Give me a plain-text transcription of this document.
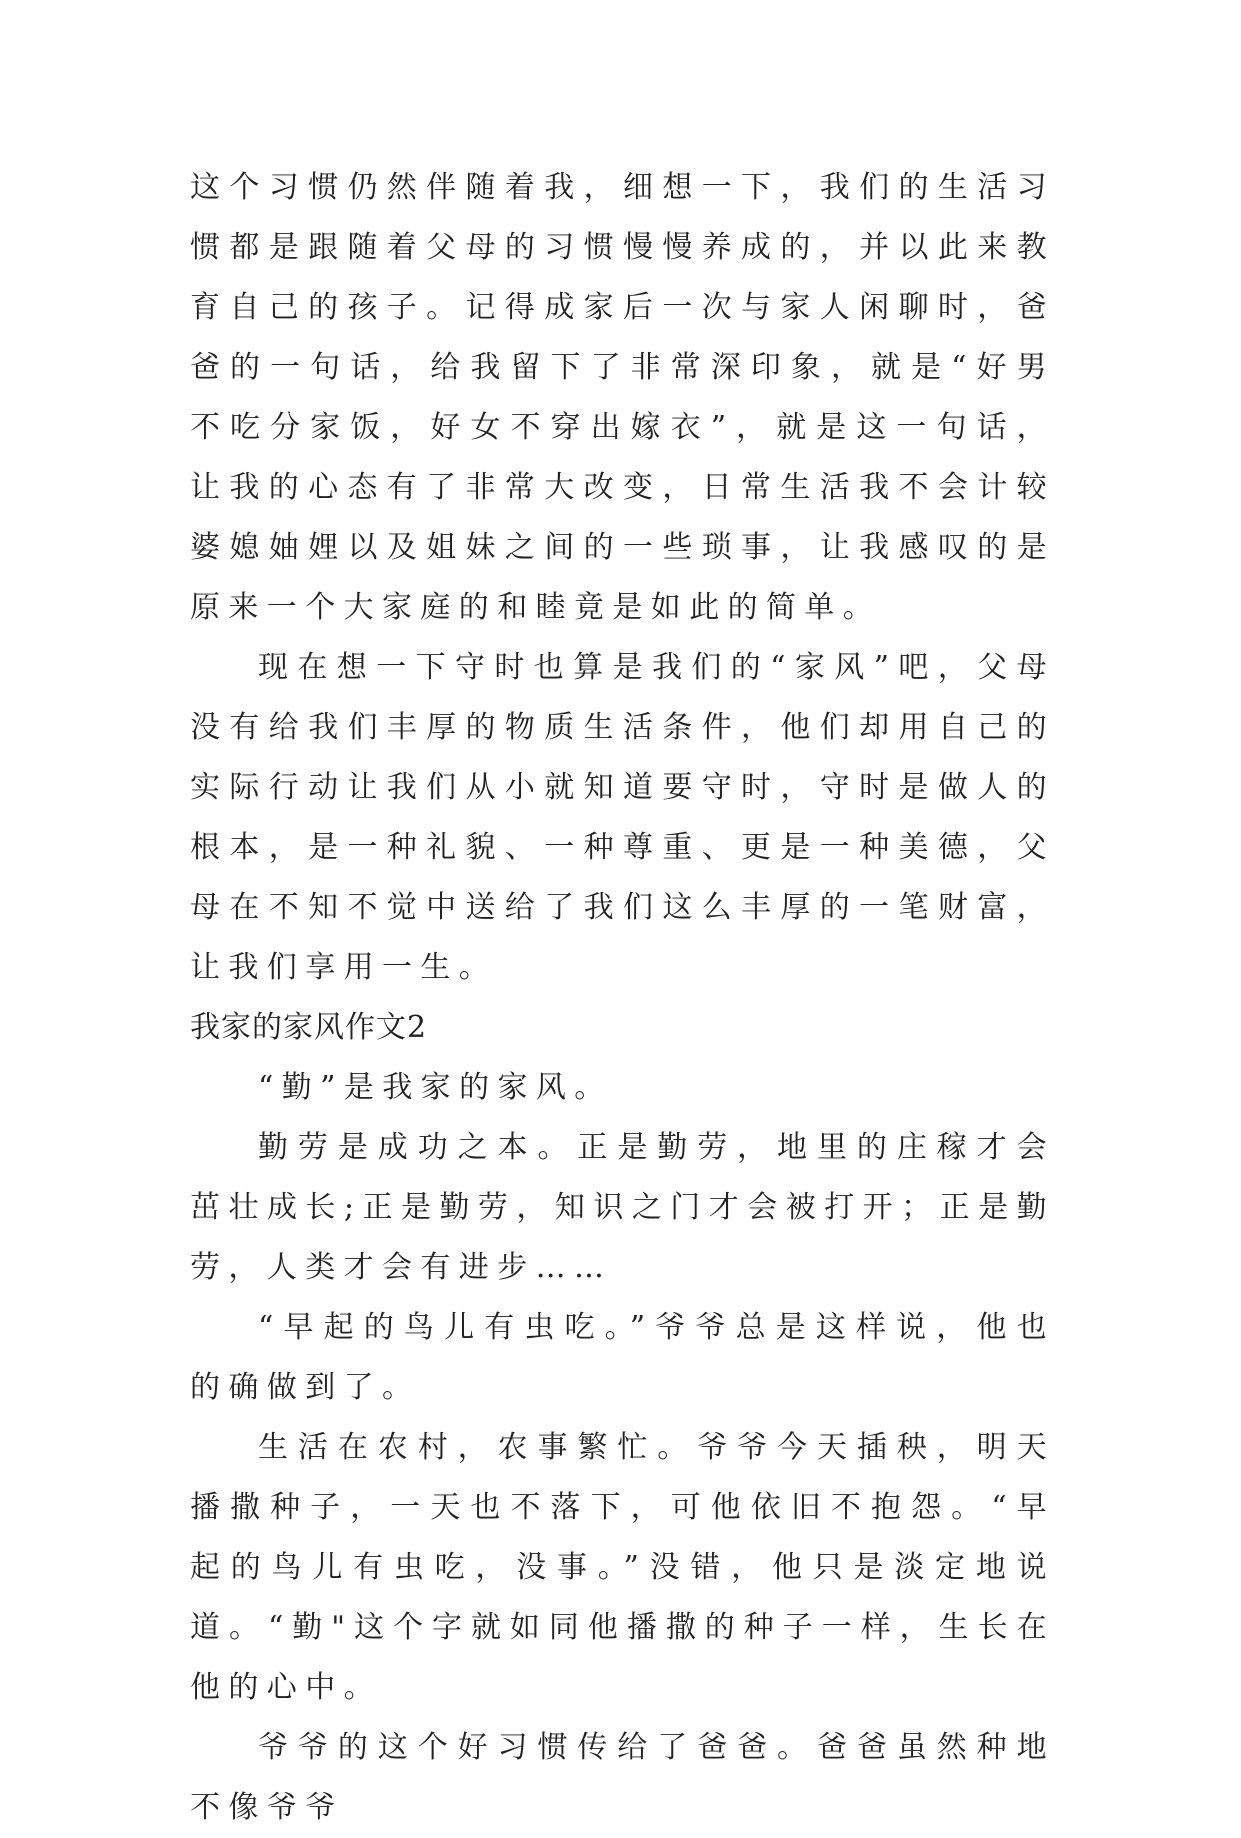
这个习惯仍然伴随着我，细想一下，我们的生活习惯都是跟随着父母的习惯慢慢养成的，并以此来教育自己的孩子。记得成家后一次与家人闲聊时，爸爸的一句话，给我留下了非常深印象，就是“好男不吃分家饭，好女不穿出嫁衣”，就是这一句话，让我的心态有了非常大改变，日常生活我不会计较婆媳妯娌以及姐妹之间的一些琐事，让我感叹的是原来一个大家庭的和睦竟是如此的简单。

现在想一下守时也算是我们的“家风”吧，父母没有给我们丰厚的物质生活条件，他们却用自己的实际行动让我们从小就知道要守时，守时是做人的根本，是一种礼貌、一种尊重、更是一种美德，父母在不知不觉中送给了我们这么丰厚的一笔财富，让我们享用一生。

我家的家风作文2

“勤”是我家的家风。

勤劳是成功之本。正是勤劳，地里的庄稼才会茁壮成长;正是勤劳，知识之门才会被打开；正是勤劳，人类才会有进步……

“早起的鸟儿有虫吃。”爷爷总是这样说，他也的确做到了。

生活在农村，农事繁忙。爷爷今天插秧，明天播撒种子，一天也不落下，可他依旧不抱怨。“早起的鸟儿有虫吃，没事。”没错，他只是淡定地说道。“勤"这个字就如同他播撒的种子一样，生长在他的心中。

爷爷的这个好习惯传给了爸爸。爸爸虽然种地不像爷爷
